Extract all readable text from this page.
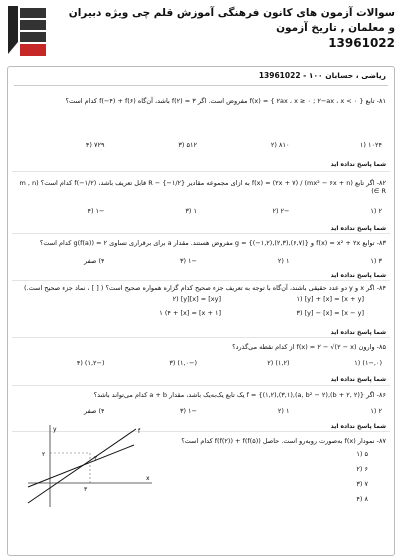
سوالات آزمون های کانون فرهنگی آموزش قلم چی ویژه دبیران و معلمان , تاریخ آزمون
13961022
ریاضی ، حسابان ۱۰۰ - 13961022
۸۱- تابع f(x) = { ۲ax ، x ≥ ۰ ; ۲−ax ، x < ۰ } مفروض است. اگر f(۲) = ۳ باشد، آن‌گاه f(−۴) + f(۶) کدام است؟
۱۰۲۴ (۱
۸۱۰ (۲
۵۱۲ (۳
۷۲۹ (۴
شما پاسخ نداده اید
۸۲- اگر تابع f(x) = (۲x + ۷) / (mx² − ۶x + n) به ازای مجموعه مقادیر R − {−۱/۲} قابل تعریف باشد، f(−۱/۲) کدام است؟ (m , n ∈ R)
۲ (۱
−۲ (۲
۱ (۳
−۱ (۴
شما پاسخ نداده اید
۸۳- توابع f(x) = x² + ۲x و g = {(−۱,۲),(۲,۳),(۶,۷)} مفروض هستند. مقدار a برای برقراری تساوی g(f(a)) = ۲ کدام است؟
۳ (۱
۱ (۲
−۱ (۳
۴) صفر
شما پاسخ نداده اید
۸۴- اگر x و y دو عدد حقیقی باشند، آن‌گاه با توجه به تعریف جزء صحیح کدام گزاره همواره صحیح است؟ ( [ ] ، نماد جزء صحیح است.)
[x + y] = [x] + [y] (۱
[xy] = [x][y] (۲
[x − y] = [x] − [y] (۳
[x + ۱] = [x] + ۱ (۴
شما پاسخ نداده اید
۸۵- وارون f(x) = ۲ − √(۲ − x) از کدام نقطه می‌گذرد؟
(۰,−۱) (۱
(۱,۲) (۲
(−۱,۰) (۳
(−۱,۲) (۴
شما پاسخ نداده اید
۸۶- اگر f = {(۱,۲),(۳,۱),(a, b² − ۲),(b + ۲, ۲)} یک تابع یک‌به‌یک باشد، مقدار a + b کدام می‌تواند باشد؟
۲ (۱
۱ (۲
−۱ (۳
۴) صفر
شما پاسخ نداده اید
۸۷- نمودار f(x) به‌صورت روبه‌رو است. حاصل f(f(۲)) + f(f(۵)) کدام است؟
۵ (۱
۶ (۲
۷ (۳
۸ (۴
x
y
۲
۳
۲
f
